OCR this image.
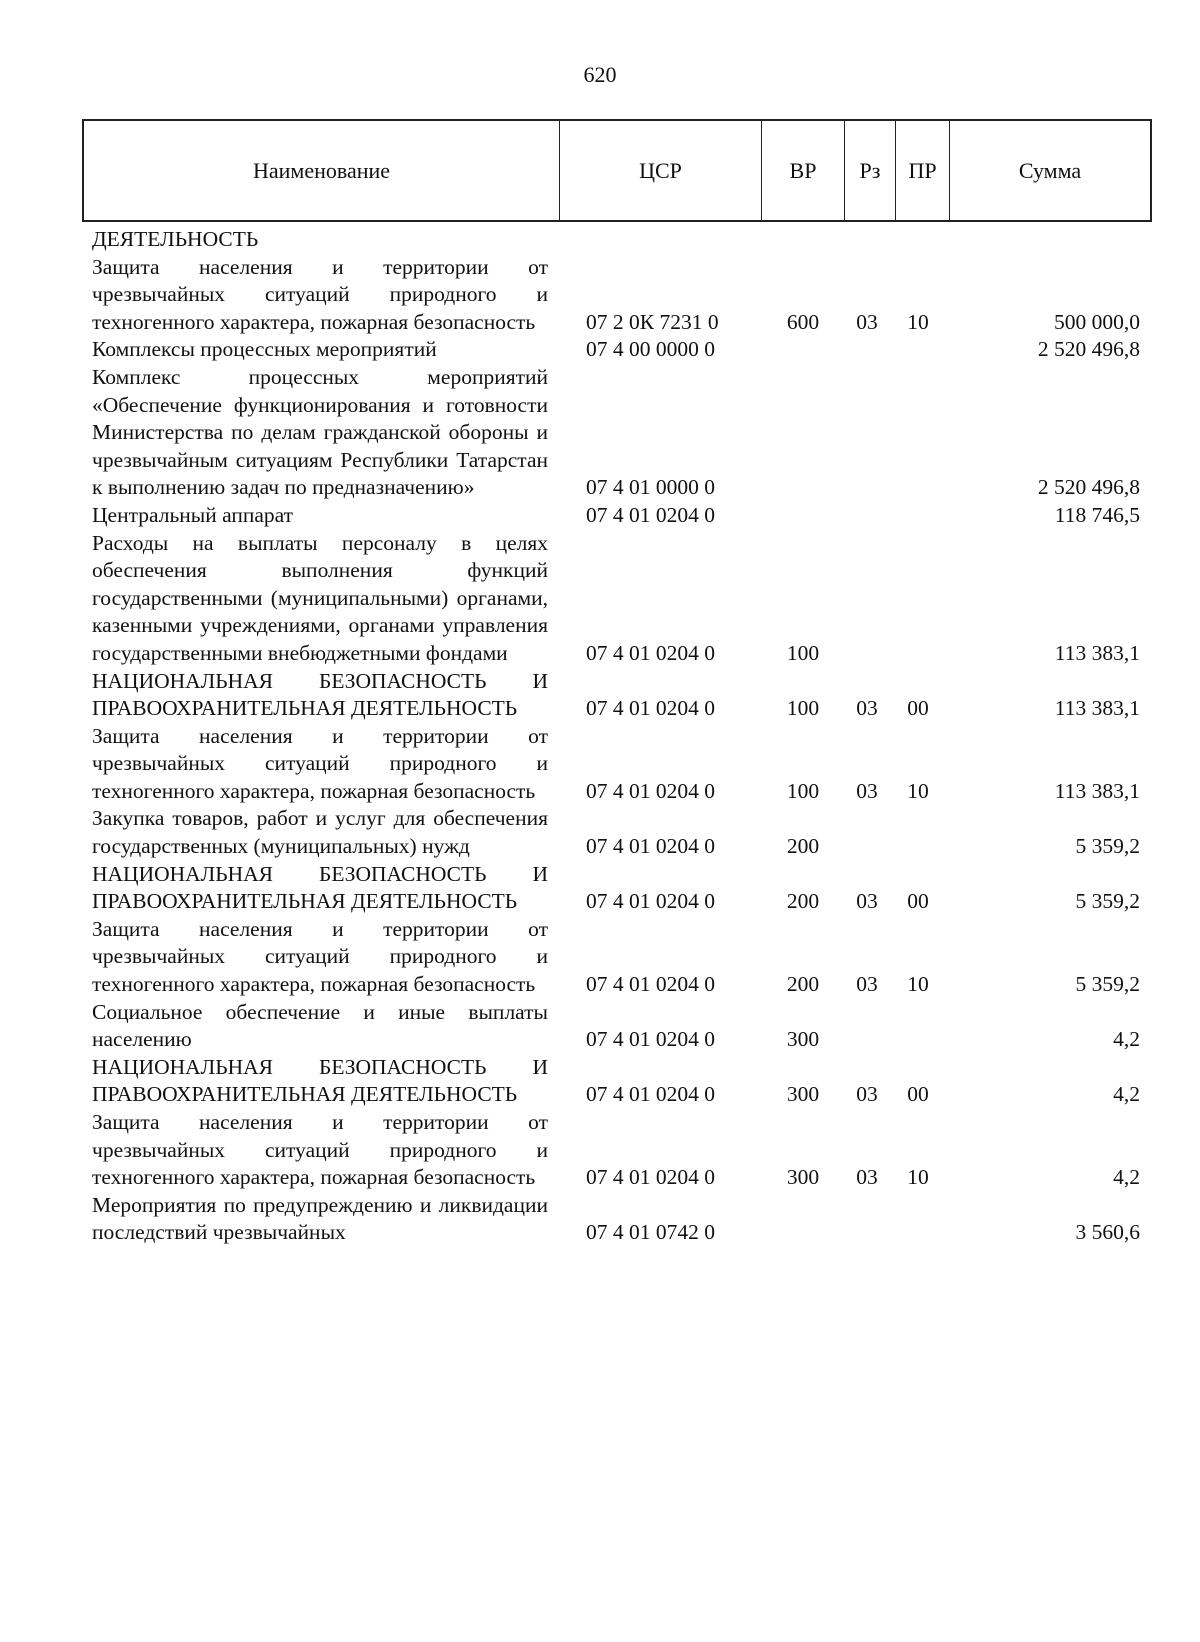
620
Наименование	ЦСР	ВР	Рз	ПР	Сумма
ДЕЯТЕЛЬНОСТЬ
Защита населения и территории от чрезвычайных ситуаций природного и техногенного характера, пожарная безопасность	07 2 0К 7231 0	600 03 10	500 000,0
Комплексы процессных мероприятий	07 4 00 0000 0	2 520 496,8
Комплекс процессных мероприятий «Обеспечение функционирования и готовности Министерства по делам гражданской обороны и чрезвычайным ситуациям Республики Татарстан к выполнению задач по предназначению»	07 4 01 0000 0	2 520 496,8
Центральный аппарат	07 4 01 0204 0	118 746,5
Расходы на выплаты персоналу в целях обеспечения выполнения функций государственными (муниципальными) органами, казенными учреждениями, органами управления государственными внебюджетными фондами	07 4 01 0204 0	100	113 383,1
НАЦИОНАЛЬНАЯ БЕЗОПАСНОСТЬ И ПРАВООХРАНИТЕЛЬНАЯ ДЕЯТЕЛЬНОСТЬ	07 4 01 0204 0	100 03 00	113 383,1
Защита населения и территории от чрезвычайных ситуаций природного и техногенного характера, пожарная безопасность	07 4 01 0204 0	100 03 10	113 383,1
Закупка товаров, работ и услуг для обеспечения государственных (муниципальных) нужд	07 4 01 0204 0	200	5 359,2
НАЦИОНАЛЬНАЯ БЕЗОПАСНОСТЬ И ПРАВООХРАНИТЕЛЬНАЯ ДЕЯТЕЛЬНОСТЬ	07 4 01 0204 0	200 03 00	5 359,2
Защита населения и территории от чрезвычайных ситуаций природного и техногенного характера, пожарная безопасность	07 4 01 0204 0	200 03 10	5 359,2
Социальное обеспечение и иные выплаты населению	07 4 01 0204 0	300	4,2
НАЦИОНАЛЬНАЯ БЕЗОПАСНОСТЬ И ПРАВООХРАНИТЕЛЬНАЯ ДЕЯТЕЛЬНОСТЬ	07 4 01 0204 0	300 03 00	4,2
Защита населения и территории от чрезвычайных ситуаций природного и техногенного характера, пожарная безопасность	07 4 01 0204 0	300 03 10	4,2
Мероприятия по предупреждению и ликвидации последствий чрезвычайных	07 4 01 0742 0	3 560,6
